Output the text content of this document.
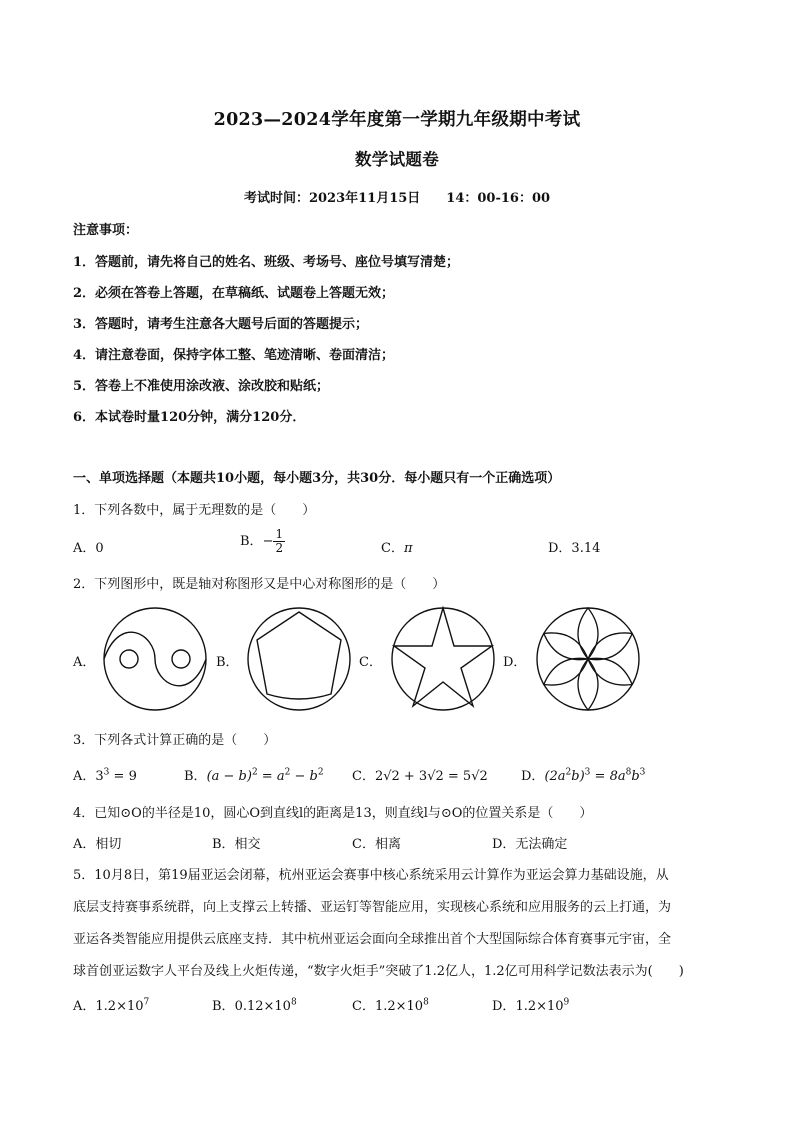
2023—2024学年度第一学期九年级期中考试
数学试题卷
考试时间：2023年11月15日　　14：00-16：00
注意事项：
1．答题前，请先将自己的姓名、班级、考场号、座位号填写清楚；
2．必须在答卷上答题，在草稿纸、试题卷上答题无效；
3．答题时，请考生注意各大题号后面的答题提示；
4．请注意卷面，保持字体工整、笔迹清晰、卷面清洁；
5．答卷上不准使用涂改液、涂改胶和贴纸；
6．本试卷时量120分钟，满分120分．
一、单项选择题（本题共10小题，每小题3分，共30分．每小题只有一个正确选项）
1．下列各数中，属于无理数的是（　　）
A．0	B．− $\frac{1}{2}$	C．π	D．3.14
2．下列图形中，既是轴对称图形又是中心对称图形的是（　　）
A．	B．	C．	D．
3．下列各式计算正确的是（　　）
A．$3^3 = 9$	B．$(a - b)^2 = a^2 - b^2$ C．2√2 + 3√2 = 5√2	D．$(2a^2b)^3 = 8a^8b^3$
4．已知⊙O的半径是10，圆心O到直线l的距离是13，则直线l与⊙O的位置关系是（　　）
A．相切	B．相交	C．相离	D．无法确定
5．10月8日，第19届亚运会闭幕，杭州亚运会赛事中核心系统采用云计算作为亚运会算力基础设施，从
底层支持赛事系统群，向上支撑云上转播、亚运钉等智能应用，实现核心系统和应用服务的云上打通，为
亚运各类智能应用提供云底座支持．其中杭州亚运会面向全球推出首个大型国际综合体育赛事元宇宙，全
球首创亚运数字人平台及线上火炬传递，“数字火炬手”突破了1.2亿人，1.2亿可用科学记数法表示为(　　)
A．$1.2\times 10^7$	B．$0.12\times 10^8$	C．$1.2\times 10^8$	D．$1.2\times 10^9$
